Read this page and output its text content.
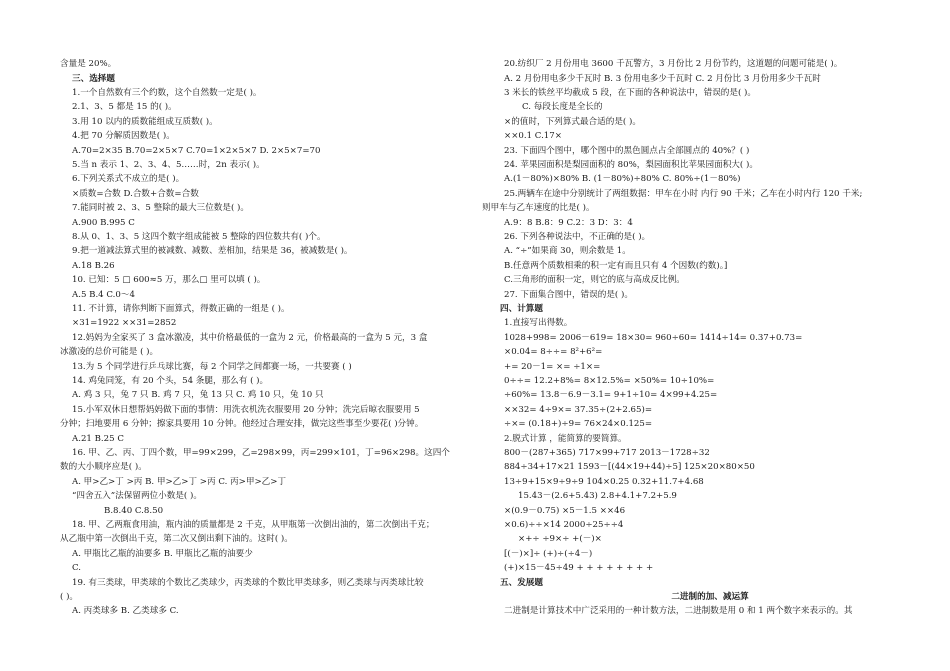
含量是 20%。
三、选择题
1.一个自然数有三个约数，这个自然数一定是( )。
2.1、3、5 都是 15 的( )。
3.用 10 以内的质数能组成互质数( )。
4.把 70 分解质因数是( )。
A.70=2×35 B.70=2×5×7 C.70=1×2×5×7 D. 2×5×7=70
5.当 n 表示 1、2、3、4、5……时，2n 表示( )。
6.下列关系式不成立的是( )。
×质数=合数 D.合数+合数=合数
7.能同时被 2、3、5 整除的最大三位数是( )。
A.900 B.995 C
8.从 0、1、3、5 这四个数字组成能被 5 整除的四位数共有( )个。
9.把一道减法算式里的被减数、减数、差相加，结果是 36，被减数是( )。
A.18 B.26
10. 已知：5 □ 600≈5 万，那么□ 里可以填 ( )。
A.5 B.4 C.0～4
11. 不计算，请你判断下面算式，得数正确的一组是 ( )。
×31=1922 ××31=2852
12.妈妈为全家买了 3 盒冰激凌，其中价格最低的一盒为 2 元，价格最高的一盒为 5 元，3 盒
冰激凌的总价可能是 ( )。
13.为 5 个同学进行乒乓球比赛，每 2 个同学之间都赛一场，一共要赛 ( )
14. 鸡兔同笼，有 20 个头，54 条腿，那么有 ( )。
A. 鸡 3 只，兔 7 只 B. 鸡 7 只，兔 13 只 C. 鸡 10 只，兔 10 只
15.小军双休日想帮妈妈做下面的事情：用洗衣机洗衣服要用 20 分钟；洗完后晾衣服要用 5
分钟；扫地要用 6 分钟；擦家具要用 10 分钟。他经过合理安排，做完这些事至少要花( )分钟。
A.21 B.25 C
16. 甲、乙、丙、丁四个数，甲=99×299，乙=298×99，丙=299×101，丁=96×298。这四个
数的大小顺序应是( )。
A. 甲>乙>丁 >丙 B. 甲>乙>丁 >丙 C. 丙>甲>乙>丁
“四舍五入”法保留两位小数是( )。
B.8.40 C.8.50
18. 甲、乙两瓶食用油，瓶内油的质量都是 2 千克，从甲瓶第一次倒出油的，第二次倒出千克；
从乙瓶中第一次倒出千克，第二次又倒出剩下油的。这时( )。
A. 甲瓶比乙瓶的油要多 B. 甲瓶比乙瓶的油要少
C.
19. 有三类球，甲类球的个数比乙类球少，丙类球的个数比甲类球多，则乙类球与丙类球比较
( )。
A. 丙类球多 B. 乙类球多 C.
20.纺织厂 2 月份用电 3600 千瓦警方，3 月份比 2 月份节约，这道题的问题可能是( )。
A. 2 月份用电多少千瓦时 B. 3 份用电多少千瓦时 C. 2 月份比 3 月份用多少千瓦时
3 米长的铁丝平均截成 5 段，在下面的各种说法中，错误的是( )。
C. 每段长度是全长的
×的值时，下列算式最合适的是( )。
××0.1 C.17×
23. 下面四个图中，哪个图中的黑色圆点占全部圆点的 40%？( )
24. 苹果园面积是梨园面积的 80%，梨园面积比苹果园面积大( )。
A.(1－80%)×80% B. (1－80%)÷80% C. 80%÷(1－80%)
25.两辆车在途中分别统计了两组数据：甲车在小时 内行 90 千米；乙车在小时内行 120 千米;
则甲车与乙车速度的比是( )。
A.9：8 B.8：9 C.2：3 D：3：4
26. 下列各种说法中，不正确的是( )。
A. “÷”如果商 30，则余数是 1。
B.任意两个质数相乘的积一定有而且只有 4 个因数(约数)。]
C.三角形的面积一定，则它的底与高成反比例。
27. 下面集合图中，错误的是( )。
四、计算题
1.直接写出得数。
1028+998= 2006－619= 18×30= 960÷60= 1414÷14= 0.37+0.73=
×0.04= 8÷÷= 8²+6²=
+= 20－1= ×= ÷1×=
0÷÷= 12.2+8%= 8×12.5%= ×50%= 10÷10%=
÷60%= 13.8－6.9－3.1= 9+1÷10= 4×99+4.25=
××32= 4÷9×= 37.35÷(2+2.65)=
÷×= (0.18+)÷9= 76×24×0.125=
2.脱式计算 ，能简算的要简算。
800－(287+365) 717×99+717 2013－1728÷32
884÷34+17×21 1593－[(44×19+44)÷5] 125×20×80×50
13÷9+15×9÷9÷9 104×0.25 0.32+11.7+4.68
15.43－(2.6+5.43) 2.8+4.1+7.2+5.9
×(0.9－0.75) ×5－1.5 ××46
×0.6)÷÷×14 2000÷25÷÷4
×+÷ ÷9×÷ +(－)×
[(－)×]÷ (+)÷(÷4－)
(+)×15－45÷49 + + + + + + + +
五、发展题
二进制的加、减运算
二进制是计算技术中广泛采用的一种计数方法，二进制数是用 0 和 1 两个数字来表示的。其
